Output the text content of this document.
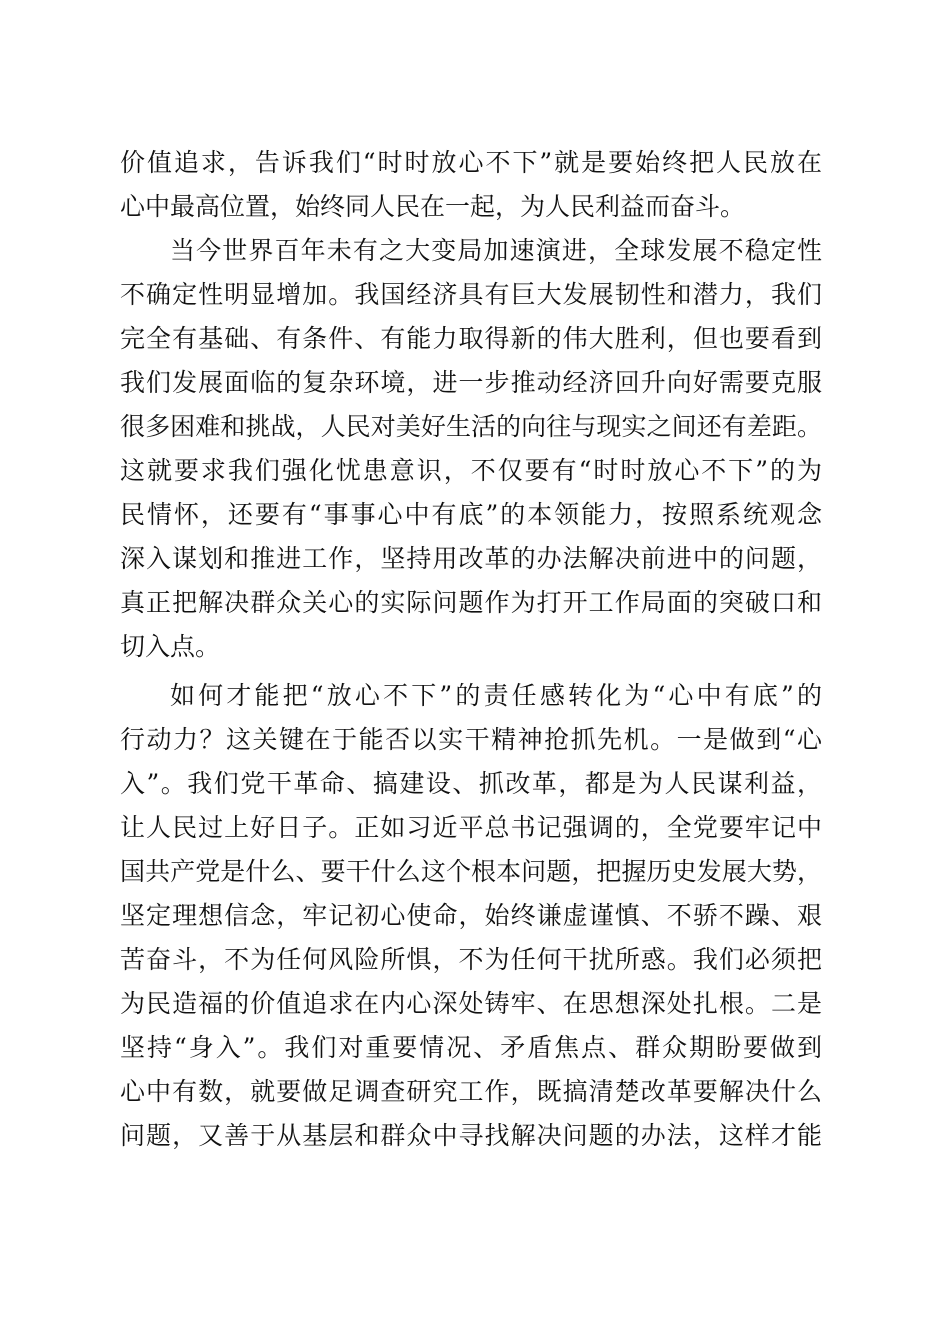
价值追求，告诉我们“时时放心不下”就是要始终把人民放在
心中最高位置，始终同人民在一起，为人民利益而奋斗。
当今世界百年未有之大变局加速演进，全球发展不稳定性
不确定性明显增加。我国经济具有巨大发展韧性和潜力，我们
完全有基础、有条件、有能力取得新的伟大胜利，但也要看到
我们发展面临的复杂环境，进一步推动经济回升向好需要克服
很多困难和挑战，人民对美好生活的向往与现实之间还有差距。
这就要求我们强化忧患意识，不仅要有“时时放心不下”的为
民情怀，还要有“事事心中有底”的本领能力，按照系统观念
深入谋划和推进工作，坚持用改革的办法解决前进中的问题，
真正把解决群众关心的实际问题作为打开工作局面的突破口和
切入点。
如何才能把“放心不下”的责任感转化为“心中有底”的
行动力？这关键在于能否以实干精神抢抓先机。一是做到“心
入”。我们党干革命、搞建设、抓改革，都是为人民谋利益，
让人民过上好日子。正如习近平总书记强调的，全党要牢记中
国共产党是什么、要干什么这个根本问题，把握历史发展大势，
坚定理想信念，牢记初心使命，始终谦虚谨慎、不骄不躁、艰
苦奋斗，不为任何风险所惧，不为任何干扰所惑。我们必须把
为民造福的价值追求在内心深处铸牢、在思想深处扎根。二是
坚持“身入”。我们对重要情况、矛盾焦点、群众期盼要做到
心中有数，就要做足调查研究工作，既搞清楚改革要解决什么
问题，又善于从基层和群众中寻找解决问题的办法，这样才能
